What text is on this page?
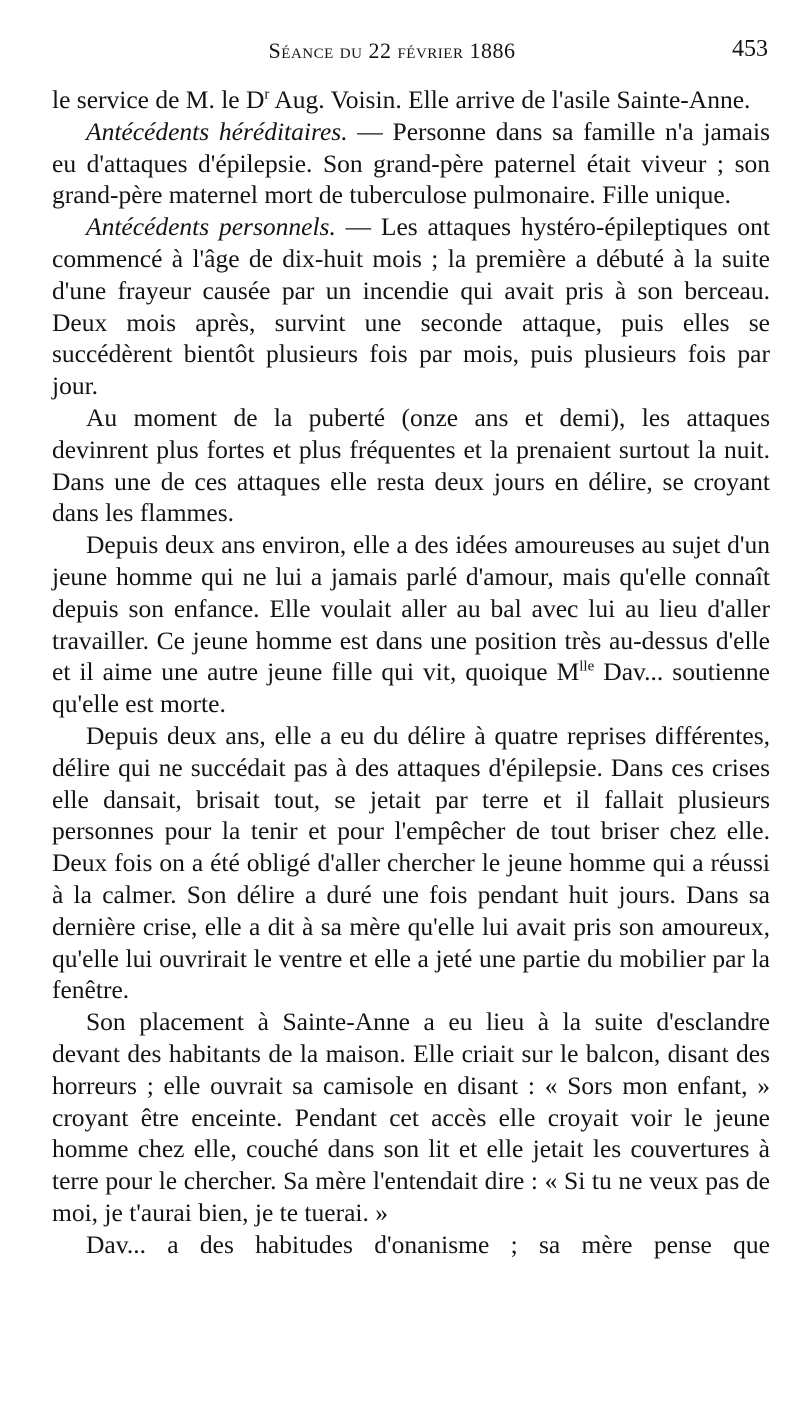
Séance du 22 février 1886	453

le service de M. le $D^r$ Aug. Voisin. Elle arrive de l'asile Sainte-Anne.

Antécédents héréditaires. — Personne dans sa famille n'a jamais eu d'attaques d'épilepsie. Son grand-père paternel était viveur ; son grand-père maternel mort de tuberculose pulmonaire. Fille unique.

Antécédents personnels. — Les attaques hystéro-épileptiques ont commencé à l'âge de dix-huit mois ; la première a débuté à la suite d'une frayeur causée par un incendie qui avait pris à son berceau. Deux mois après, survint une seconde attaque, puis elles se succédèrent bientôt plusieurs fois par mois, puis plusieurs fois par jour.

Au moment de la puberté (onze ans et demi), les attaques devinrent plus fortes et plus fréquentes et la prenaient surtout la nuit. Dans une de ces attaques elle resta deux jours en délire, se croyant dans les flammes.

Depuis deux ans environ, elle a des idées amoureuses au sujet d'un jeune homme qui ne lui a jamais parlé d'amour, mais qu'elle connaît depuis son enfance. Elle voulait aller au bal avec lui au lieu d'aller travailler. Ce jeune homme est dans une position très au-dessus d'elle et il aime une autre jeune fille qui vit, quoique $M^{lle}$ Dav... soutienne qu'elle est morte.

Depuis deux ans, elle a eu du délire à quatre reprises différentes, délire qui ne succédait pas à des attaques d'épilepsie. Dans ces crises elle dansait, brisait tout, se jetait par terre et il fallait plusieurs personnes pour la tenir et pour l'empêcher de tout briser chez elle. Deux fois on a été obligé d'aller chercher le jeune homme qui a réussi à la calmer. Son délire a duré une fois pendant huit jours. Dans sa dernière crise, elle a dit à sa mère qu'elle lui avait pris son amoureux, qu'elle lui ouvrirait le ventre et elle a jeté une partie du mobilier par la fenêtre.

Son placement à Sainte-Anne a eu lieu à la suite d'esclandre devant des habitants de la maison. Elle criait sur le balcon, disant des horreurs ; elle ouvrait sa camisole en disant : « Sors mon enfant, » croyant être enceinte. Pendant cet accès elle croyait voir le jeune homme chez elle, couché dans son lit et elle jetait les couvertures à terre pour le chercher. Sa mère l'entendait dire : « Si tu ne veux pas de moi, je t'aurai bien, je te tuerai. »

Dav... a des habitudes d'onanisme ; sa mère pense que
